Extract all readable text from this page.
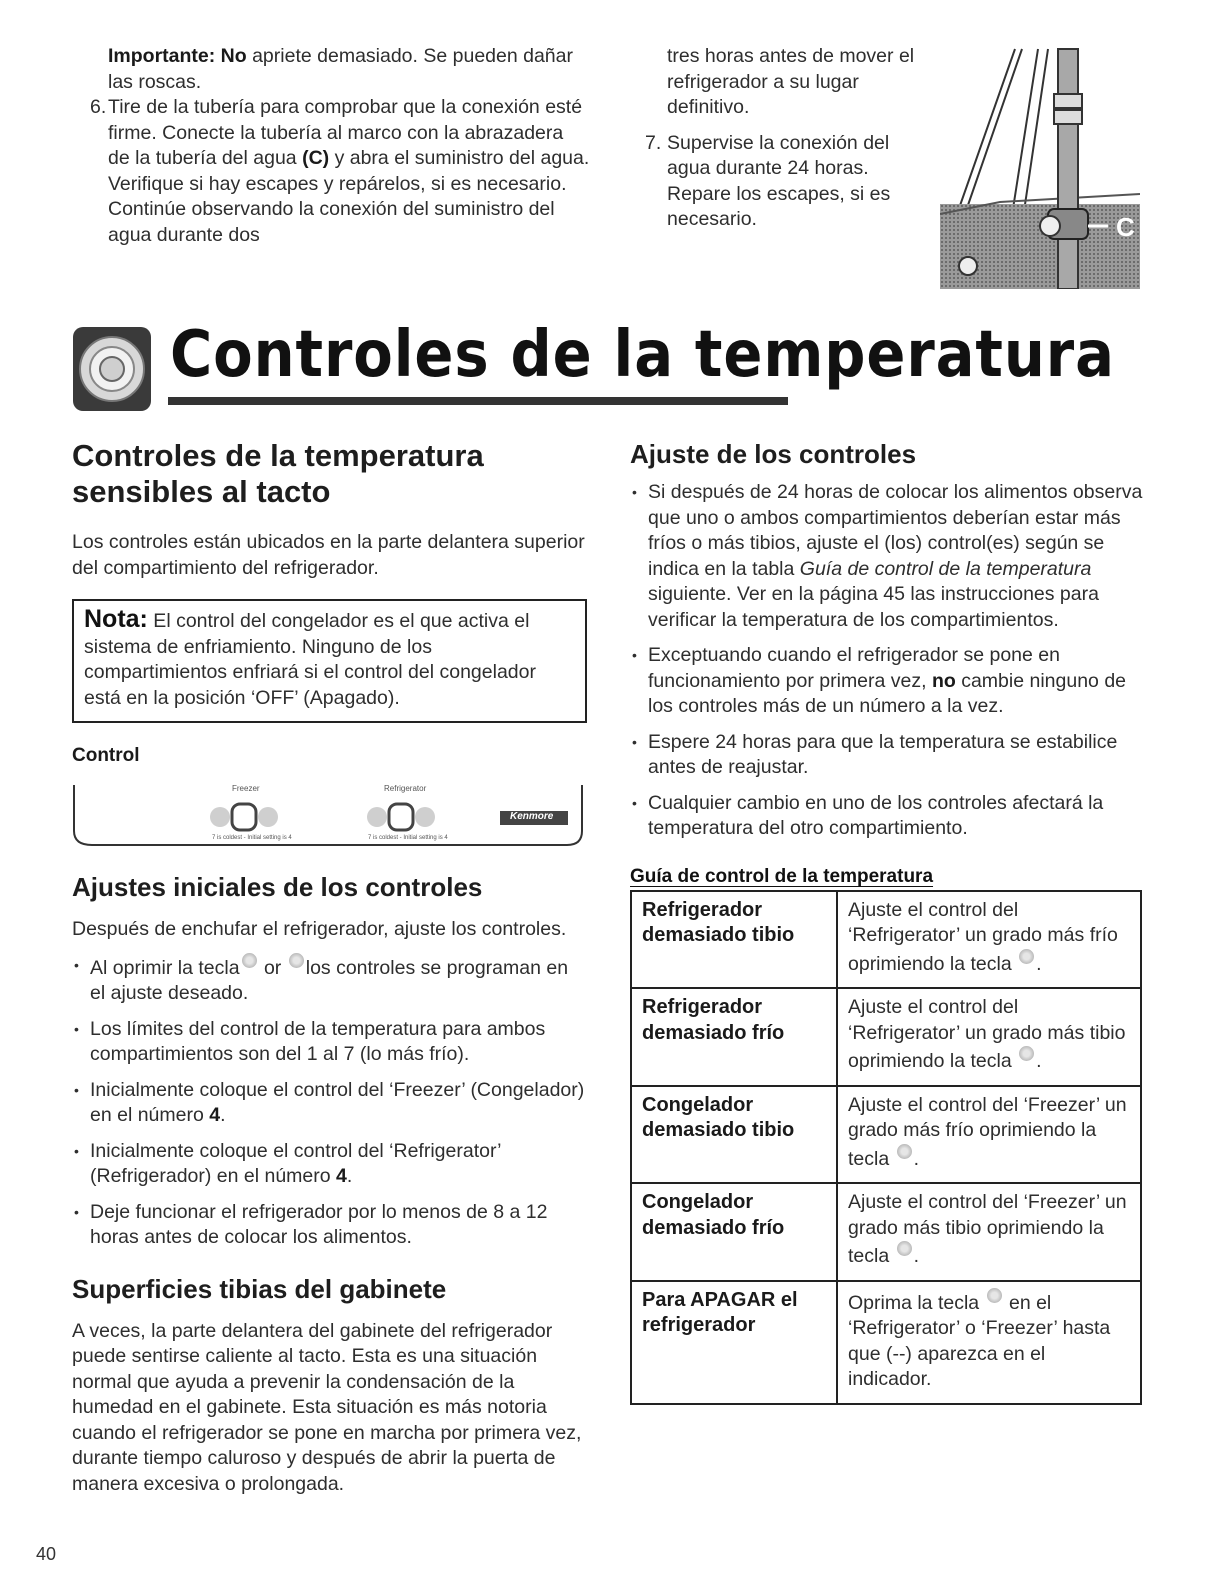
Importante: No apriete demasiado. Se pueden dañar las roscas.

6. Tire de la tubería para comprobar que la conexión esté firme. Conecte la tubería al marco con la abrazadera de la tubería del agua (C) y abra el suministro del agua. Verifique si hay escapes y repárelos, si es necesario. Continúe observando la conexión del suministro del agua durante dos

tres horas antes de mover el refrigerador a su lugar definitivo.

7. Supervise la conexión del agua durante 24 horas. Repare los escapes, si es necesario.	C
Controles de la temperatura
Controles de la temperatura sensibles al tacto

Los controles están ubicados en la parte delantera superior del compartimiento del refrigerador.

Nota: El control del congelador es el que activa el sistema de enfriamiento. Ninguno de los compartimientos enfriará si el control del congelador está en la posición ‘OFF’ (Apagado).
Control
Freezer	Refrigerator
7 is coldest - Initial setting is 4	7 is coldest - Initial setting is 4
Kenmore
Ajustes iniciales de los controles

Después de enchufar el refrigerador, ajuste los controles.

• Al oprimir la tecla or los controles se programan en el ajuste deseado.
• Los límites del control de la temperatura para ambos compartimientos son del 1 al 7 (lo más frío).
• Inicialmente coloque el control del ‘Freezer’ (Congelador) en el número 4.
• Inicialmente coloque el control del ‘Refrigerator’ (Refrigerador) en el número 4.
• Deje funcionar el refrigerador por lo menos de 8 a 12 horas antes de colocar los alimentos.
Superficies tibias del gabinete

A veces, la parte delantera del gabinete del refrigerador puede sentirse caliente al tacto. Esta es una situación normal que ayuda a prevenir la condensación de la humedad en el gabinete. Esta situación es más notoria cuando el refrigerador se pone en marcha por primera vez, durante tiempo caluroso y después de abrir la puerta de manera excesiva o prolongada.

Ajuste de los controles
• Si después de 24 horas de colocar los alimentos observa que uno o ambos compartimientos deberían estar más fríos o más tibios, ajuste el (los) control(es) según se indica en la tabla Guía de control de la temperatura siguiente. Ver en la página 45 las instrucciones para verificar la temperatura de los compartimientos.
• Exceptuando cuando el refrigerador se pone en funcionamiento por primera vez, no cambie ninguno de los controles más de un número a la vez.
• Espere 24 horas para que la temperatura se estabilice antes de reajustar.
• Cualquier cambio en uno de los controles afectará la temperatura del otro compartimiento.
Guía de control de la temperatura
Refrigerador demasiado tibio	Ajuste el control del ‘Refrigerator’ un grado más frío oprimiendo la tecla .
Refrigerador demasiado frío	Ajuste el control del ‘Refrigerator’ un grado más tibio oprimiendo la tecla .
Congelador demasiado tibio	Ajuste el control del ‘Freezer’ un grado más frío oprimiendo la tecla .
Congelador demasiado frío	Ajuste el control del ‘Freezer’ un grado más tibio oprimiendo la tecla .
Para APAGAR el refrigerador	Oprima la tecla  en el ‘Refrigerator’ o ‘Freezer’ hasta que (--) aparezca en el indicador.
40
